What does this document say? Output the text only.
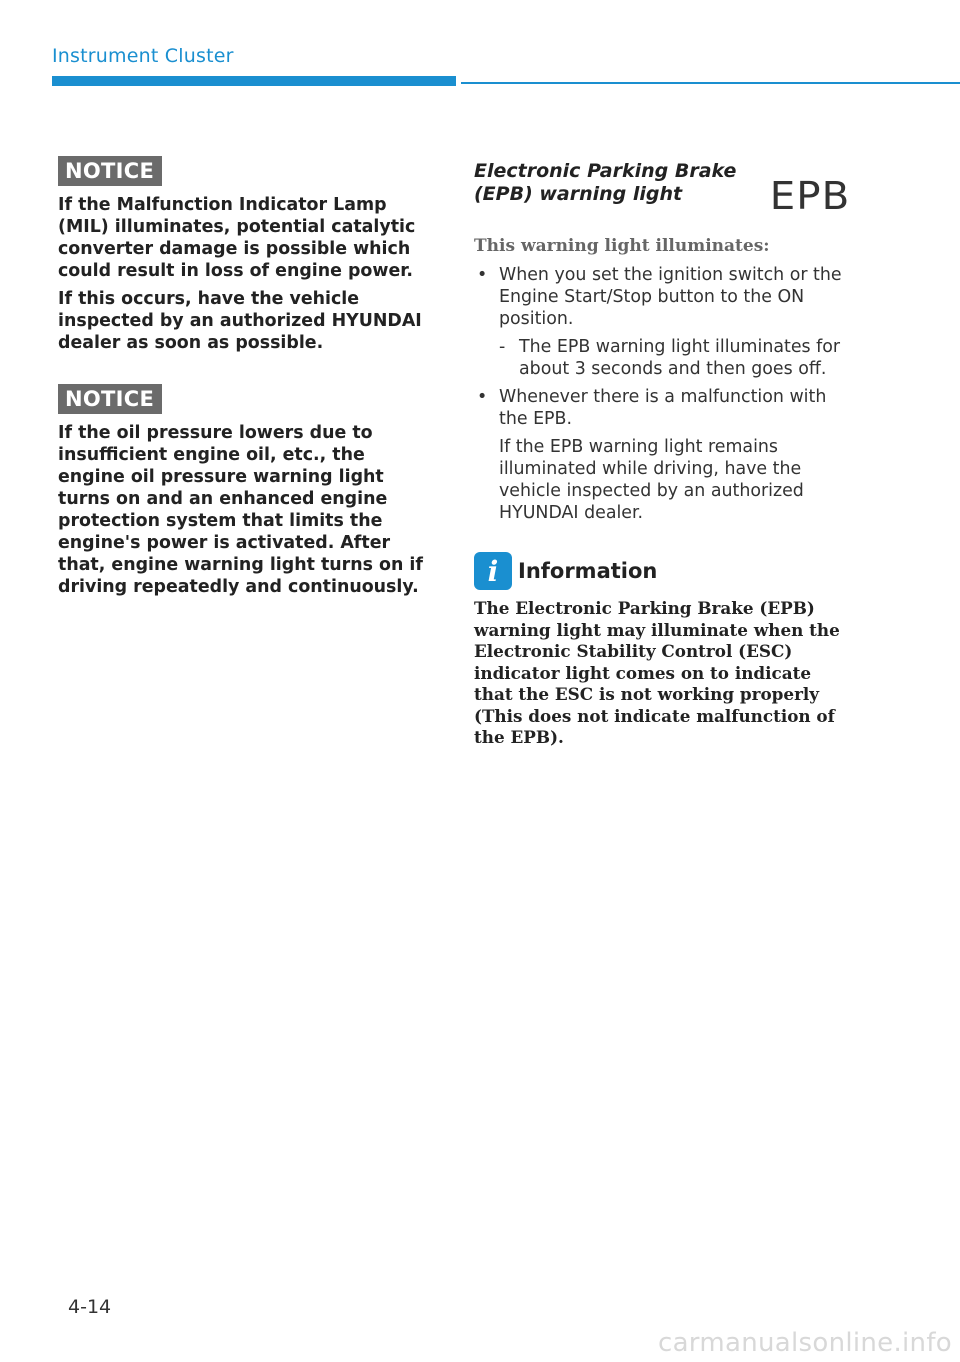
Instrument Cluster
NOTICE

If the Malfunction Indicator Lamp (MIL) illuminates, potential catalytic converter damage is possible which could result in loss of engine power.

If this occurs, have the vehicle inspected by an authorized HYUNDAI dealer as soon as possible.

NOTICE

If the oil pressure lowers due to insufficient engine oil, etc., the engine oil pressure warning light turns on and an enhanced engine protection system that limits the engine's power is activated. After that, engine warning light turns on if driving repeatedly and continuously.

Electronic Parking Brake (EPB) warning light	EPB
This warning light illuminates:
• When you set the ignition switch or the Engine Start/Stop button to the ON position.
- The EPB warning light illuminates for about 3 seconds and then goes off.
• Whenever there is a malfunction with the EPB.
If the EPB warning light remains illuminated while driving, have the vehicle inspected by an authorized HYUNDAI dealer.
i Information
The Electronic Parking Brake (EPB) warning light may illuminate when the Electronic Stability Control (ESC) indicator light comes on to indicate that the ESC is not working properly (This does not indicate malfunction of the EPB).
4-14
carmanualsonline.info
